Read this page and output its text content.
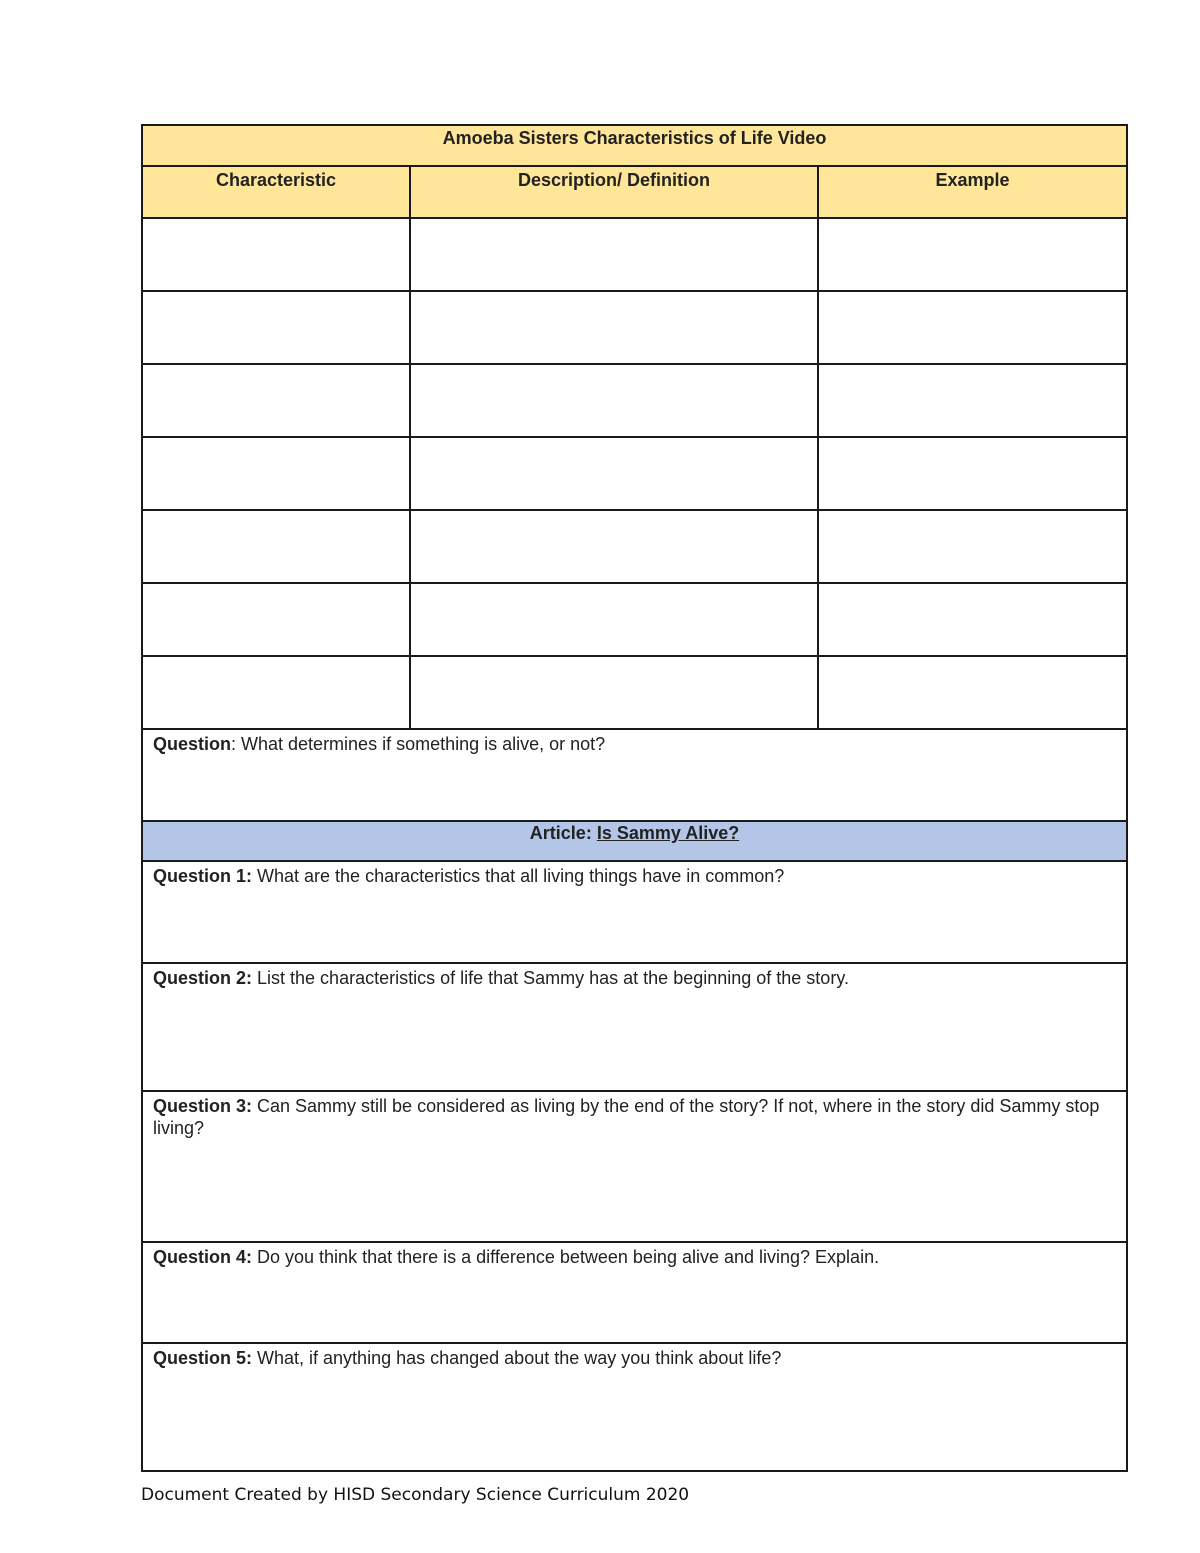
Amoeba Sisters Characteristics of Life Video		
Characteristic	Description/ Definition	Example

Question: What determines if something is alive, or not?		
Article: Is Sammy Alive?		
Question 1: What are the characteristics that all living things have in common?		
Question 2: List the characteristics of life that Sammy has at the beginning of the story.		
Question 3: Can Sammy still be considered as living by the end of the story? If not, where in the story did Sammy stop living?		
Question 4: Do you think that there is a difference between being alive and living? Explain.		
Question 5: What, if anything has changed about the way you think about life?		
Document Created by HISD Secondary Science Curriculum 2020
